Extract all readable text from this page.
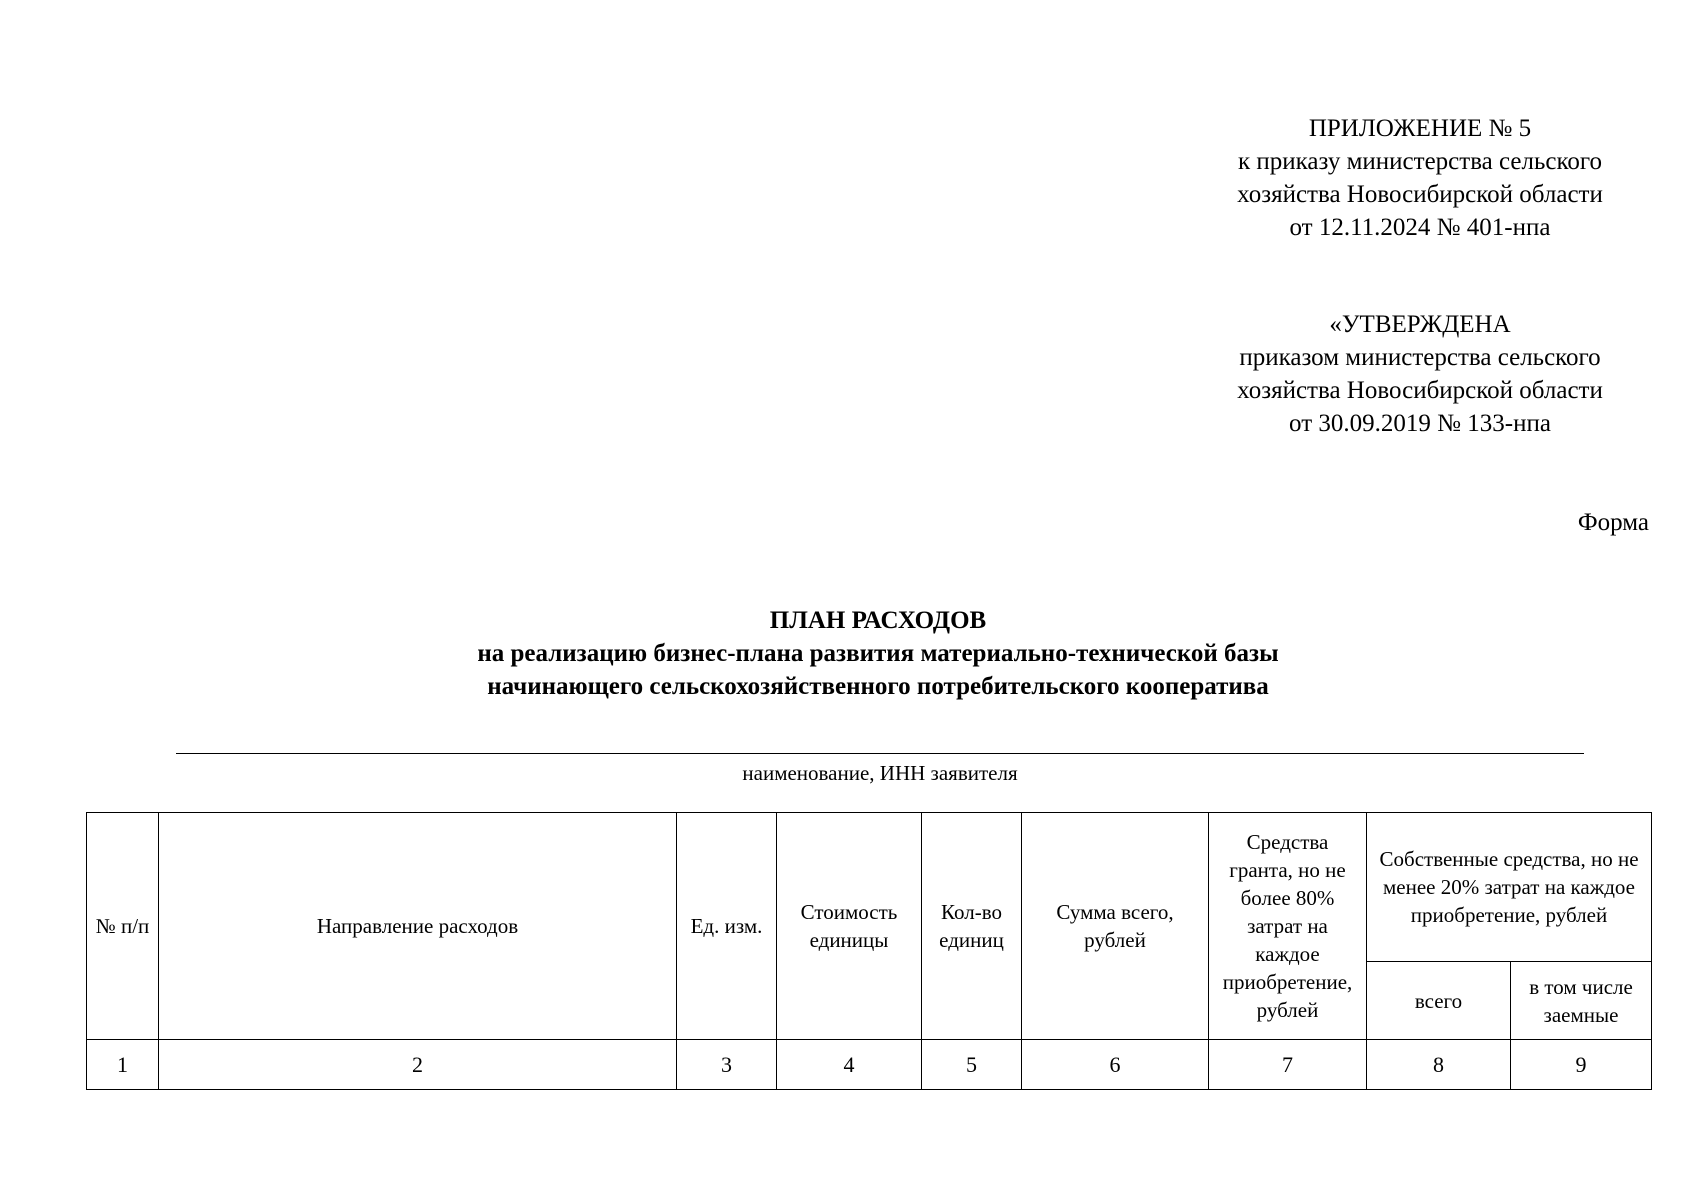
ПРИЛОЖЕНИЕ № 5
к приказу министерства сельского
хозяйства Новосибирской области
от 12.11.2024 № 401-нпа
«УТВЕРЖДЕНА
приказом министерства сельского
хозяйства Новосибирской области
от 30.09.2019 № 133-нпа
Форма
ПЛАН РАСХОДОВ
на реализацию бизнес-плана развития материально-технической базы
начинающего сельскохозяйственного потребительского кооператива
наименование, ИНН заявителя
№ п/п	Направление расходов	Ед. изм.	Стоимость единицы	Кол-во единиц	Сумма всего, рублей	Средства гранта, но не более 80% затрат на каждое приобретение, рублей	Собственные средства, но не менее 20% затрат на каждое приобретение, рублей	
							всего	в том числе заемные
1	2	3	4	5	6	7	8	9
